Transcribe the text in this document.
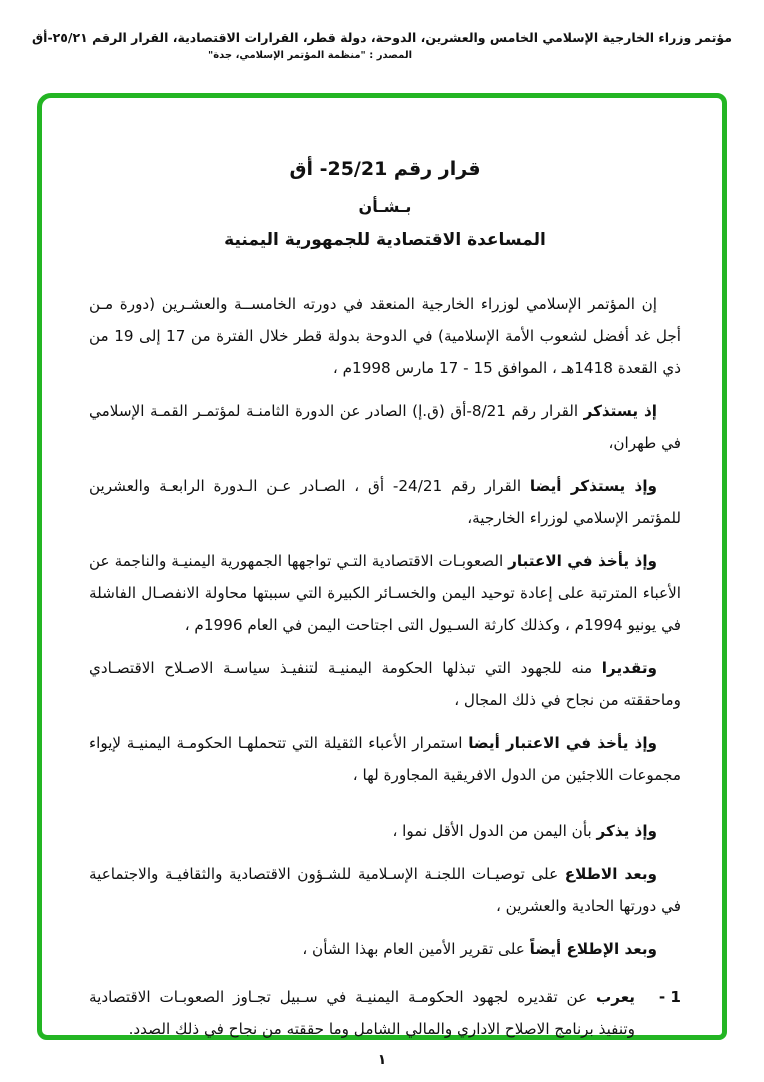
مؤتمر وزراء الخارجية الإسلامي الخامس والعشرين، الدوحة، دولة قطر، القرارات الاقتصادية، القرار الرقم ٢٥/٢١-أق
المصدر : "منظمة المؤتمر الإسلامي، جدة"
قرار رقم 25/21- أق
بـشـأن
المساعدة الاقتصادية للجمهورية اليمنية

إن المؤتمر الإسلامي لوزراء الخارجية المنعقد في دورته الخامســة والعشـرين (دورة مـن أجل غد أفضل لشعوب الأمة الإسلامية) في الدوحة بدولة قطر خلال الفترة من 17 إلى 19 من ذي القعدة 1418هـ ، الموافق 15 - 17 مارس 1998م ،

إذ يستذكر القرار رقم 8/21-أق (ق.إ) الصادر عن الدورة الثامنـة لمؤتمـر القمـة الإسلامي في طهران،

وإذ يستذكر أيضا القرار رقم 24/21- أق ، الصـادر عـن الـدورة الرابعـة والعشرين للمؤتمر الإسلامي لوزراء الخارجية،

وإذ يأخذ في الاعتبار الصعوبـات الاقتصادية التـي تواجهها الجمهورية اليمنيـة والناجمة عن الأعباء المترتبة على إعادة توحيد اليمن والخسـائر الكبيرة التي سببتها محاولة الانفصـال الفاشلة في يونيو 1994م ، وكذلك كارثة السـيول التى اجتاحت اليمن في العام 1996م ،

وتقديرا منه للجهود التي تبذلها الحكومة اليمنيـة لتنفيـذ سياسـة الاصـلاح الاقتصـادي وماحققته من نجاح في ذلك المجال ،

وإذ يأخذ في الاعتبار أيضا استمرار الأعباء الثقيلة التي تتحملهـا الحكومـة اليمنيـة لإيواء مجموعات اللاجئين من الدول الافريقية المجاورة لها ،

وإذ يذكر بأن اليمن من الدول الأقل نموا ،

وبعد الاطلاع على توصيـات اللجنـة الإسـلامية للشـؤون الاقتصادية والثقافيـة والاجتماعية في دورتها الحادية والعشرين ،

وبعد الإطلاع أيضاً على تقرير الأمين العام بهذا الشأن ،

1 -
يعرب عن تقديره لجهود الحكومـة اليمنيـة في سـبيل تجـاوز الصعوبـات الاقتصادية وتنفيذ برنامج الاصلاح الاداري والمالي الشامل وما حققته من نجاح في ذلك الصدد.
١
